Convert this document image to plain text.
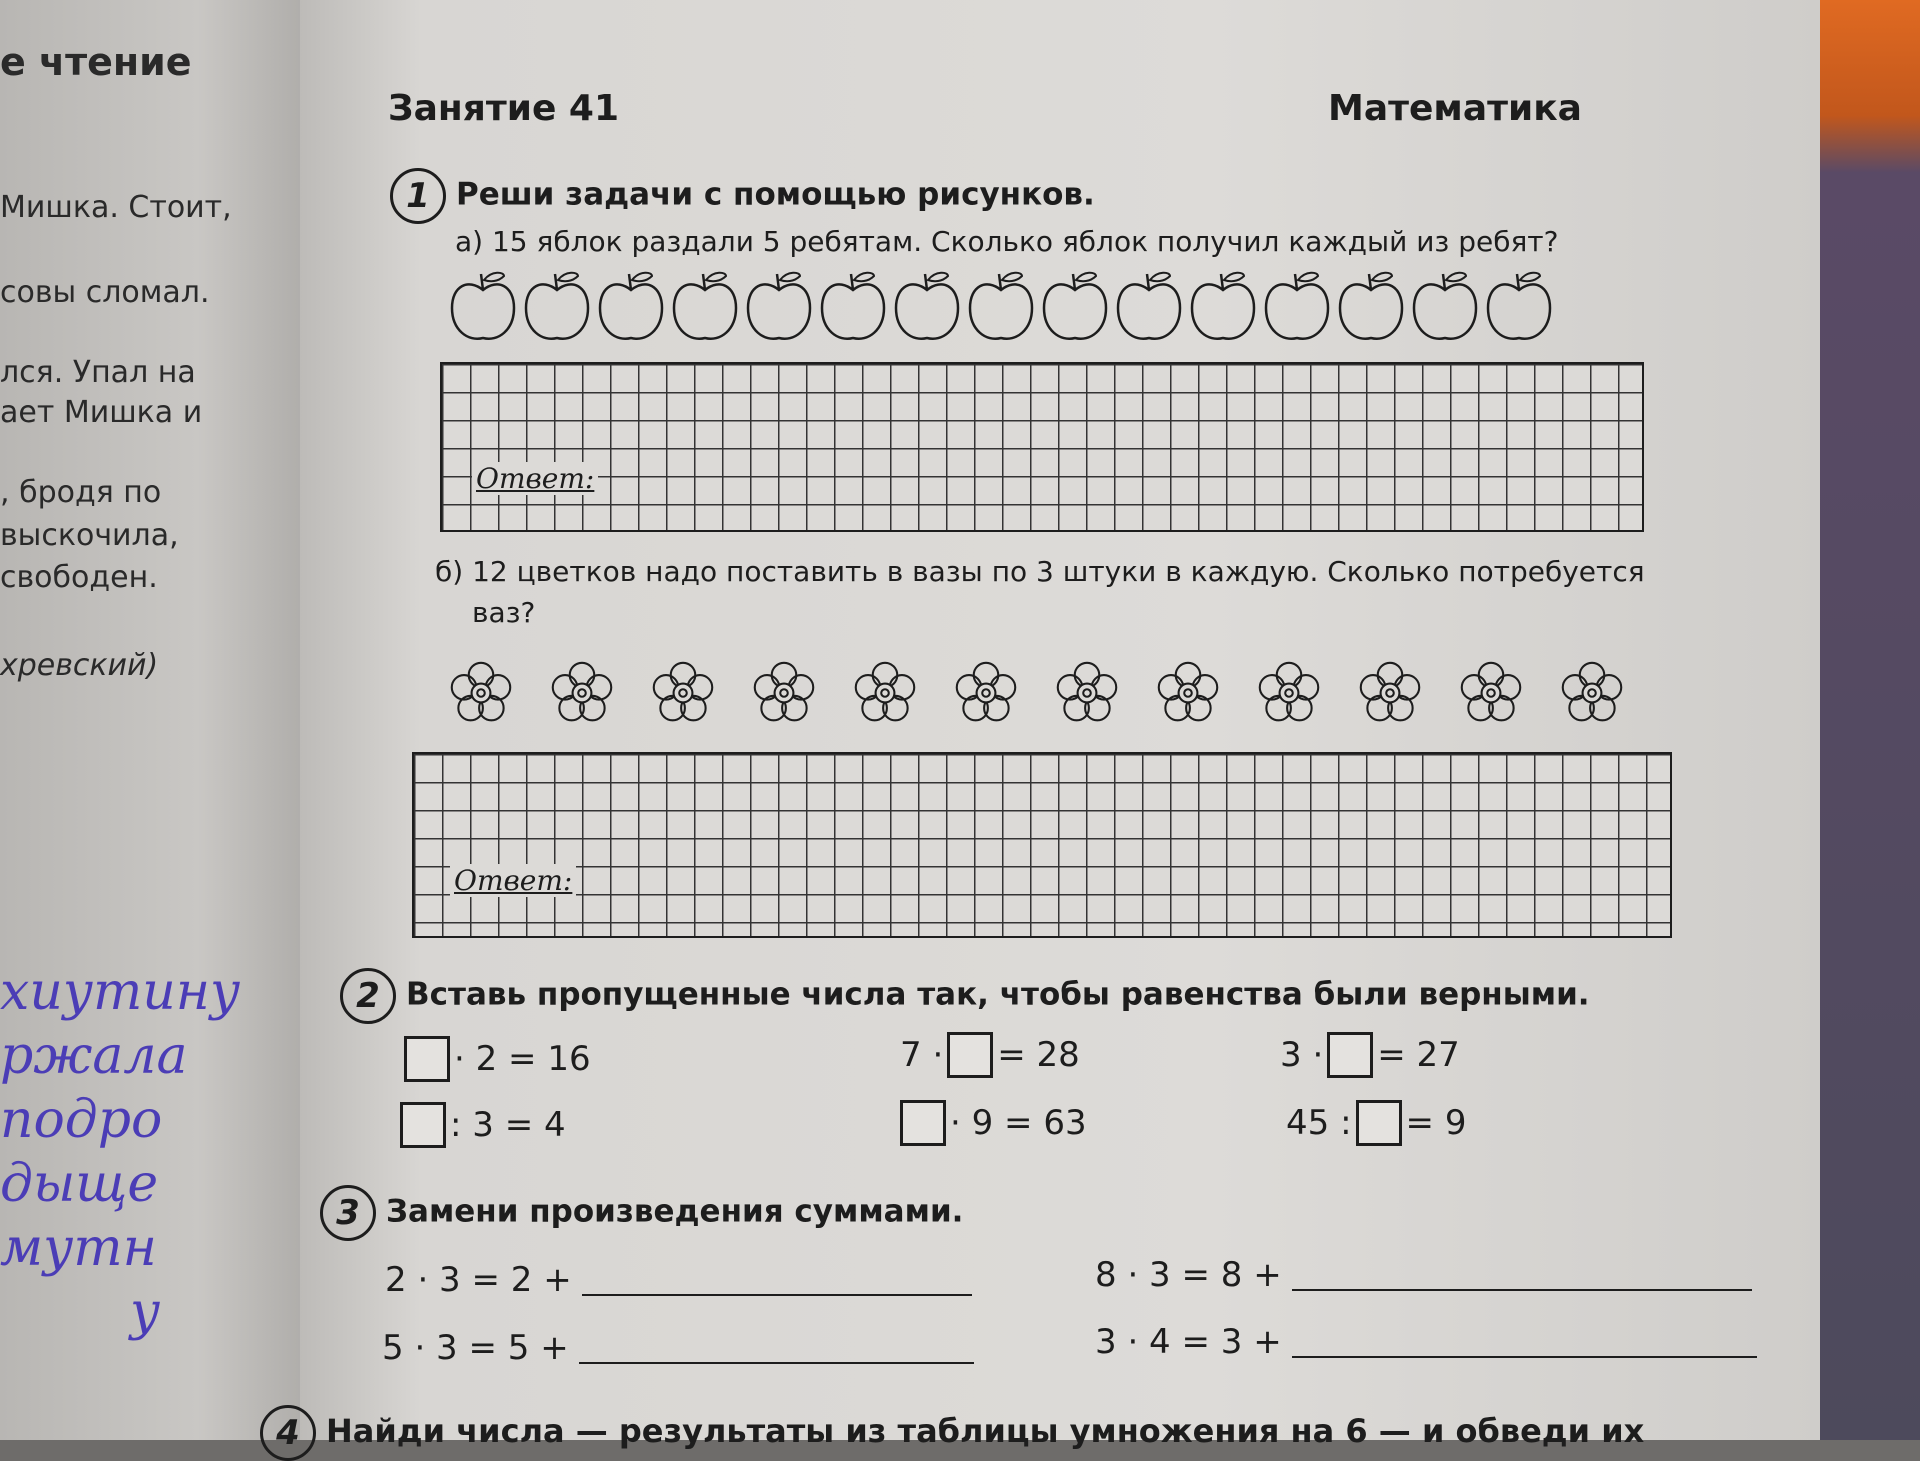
е чтение
Мишка. Стоит,
совы сломал.
лся. Упал на
ает Мишка и
, бродя по
выскочила,
свободен.
хревский)
хиутину
ржала
подро
дыще
мутн
у
Занятие 41	Математика
1 Реши задачи с помощью рисунков.
а) 15 яблок раздали 5 ребятам. Сколько яблок получил каждый из ребят?
Ответ:
б) 12 цветков надо поставить в вазы по 3 штуки в каждую. Сколько потребуется
ваз?
Ответ:
2 Вставь пропущенные числа так, чтобы равенства были верными.
· 2 = 16	7 · = 28	3 · = 27
: 3 = 4	· 9 = 63	45 : = 9
3 Замени произведения суммами.
2 · 3 = 2 +	8 · 3 = 8 +
5 · 3 = 5 +	3 · 4 = 3 +
4 Найди числа — результаты из таблицы умножения на 6 — и обведи их
